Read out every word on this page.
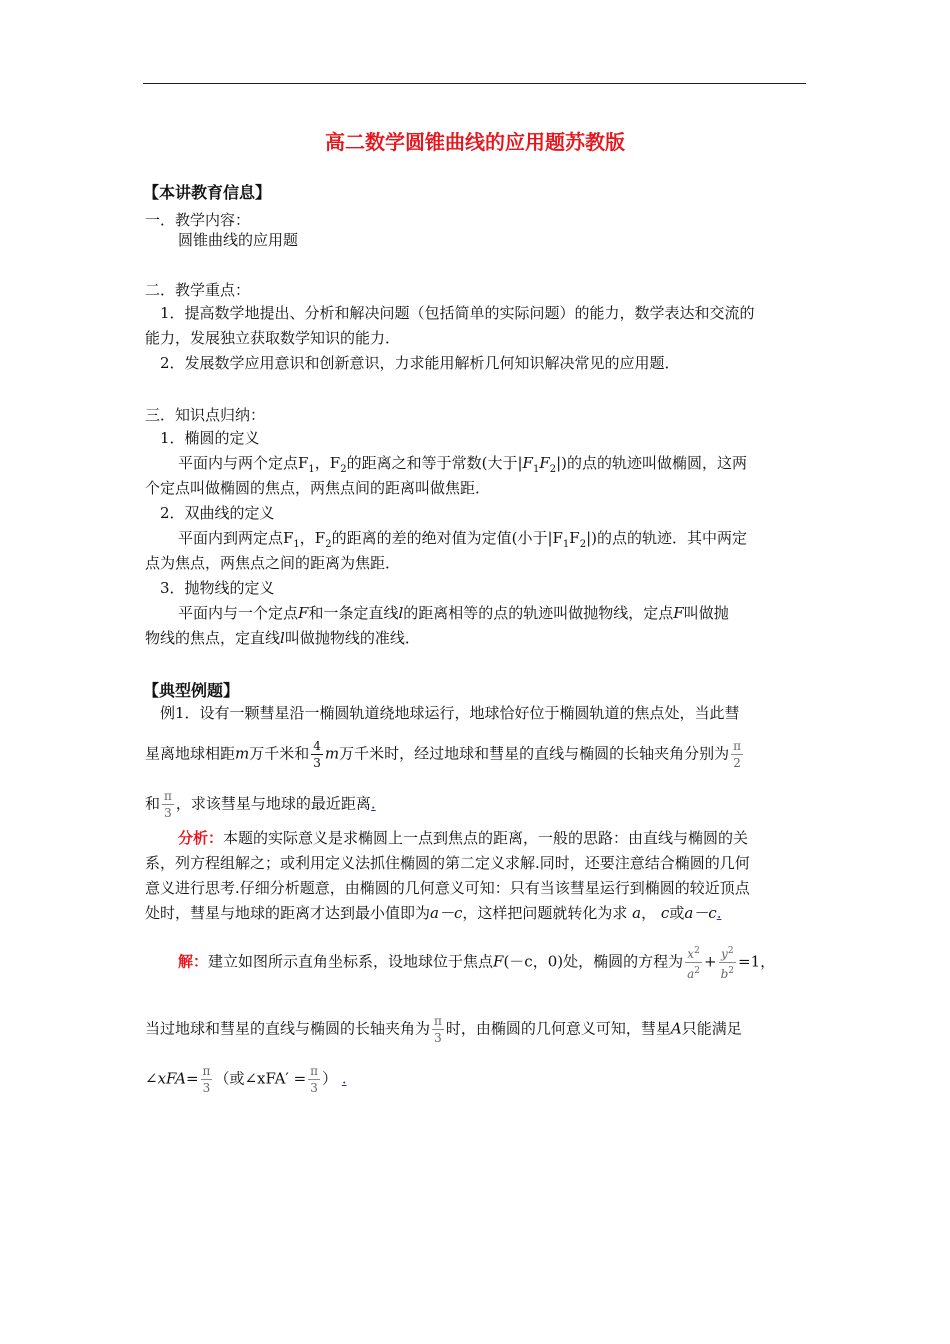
高二数学圆锥曲线的应用题苏教版
【本讲教育信息】
一．教学内容：
圆锥曲线的应用题
二．教学重点：
1．提高数学地提出、分析和解决问题（包括简单的实际问题）的能力，数学表达和交流的
能力，发展独立获取数学知识的能力．
2．发展数学应用意识和创新意识，力求能用解析几何知识解决常见的应用题．
三．知识点归纳：
1．椭圆的定义
平面内与两个定点$F_1$，$F_2$的距离之和等于常数(大于$|F_1F_2|$)的点的轨迹叫做椭圆，这两
个定点叫做椭圆的焦点，两焦点间的距离叫做焦距．
2．双曲线的定义
平面内到两定点$F_1$，$F_2$的距离的差的绝对值为定值(小于$|F_1F_2|$)的点的轨迹．其中两定
点为焦点，两焦点之间的距离为焦距．
3．抛物线的定义
平面内与一个定点F和一条定直线l的距离相等的点的轨迹叫做抛物线，定点F叫做抛
物线的焦点，定直线l叫做抛物线的准线．
【典型例题】
例1．设有一颗彗星沿一椭圆轨道绕地球运行，地球恰好位于椭圆轨道的焦点处，当此彗
星离地球相距m万千米和 $\frac{4}{3}$ m万千米时，经过地球和彗星的直线与椭圆的长轴夹角分别为 $\frac{\pi}{2}$
和 $\frac{\pi}{3}$ ，求该彗星与地球的最近距离.
分析：本题的实际意义是求椭圆上一点到焦点的距离，一般的思路：由直线与椭圆的关
系，列方程组解之；或利用定义法抓住椭圆的第二定义求解.同时，还要注意结合椭圆的几何
意义进行思考.仔细分析题意，由椭圆的几何意义可知：只有当该彗星运行到椭圆的较近顶点
处时，彗星与地球的距离才达到最小值即为a－c，这样把问题就转化为求 a， c或a－c.
解：建立如图所示直角坐标系，设地球位于焦点F(－c，0)处，椭圆的方程为 $\frac{x^2}{a^2} + \frac{y^2}{b^2} =1$，
当过地球和彗星的直线与椭圆的长轴夹角为 $\frac{\pi}{3}$ 时，由椭圆的几何意义可知，彗星A只能满足
∠xFA= $\frac{\pi}{3}$ （或∠xFA′ = $\frac{\pi}{3}$ ） .
